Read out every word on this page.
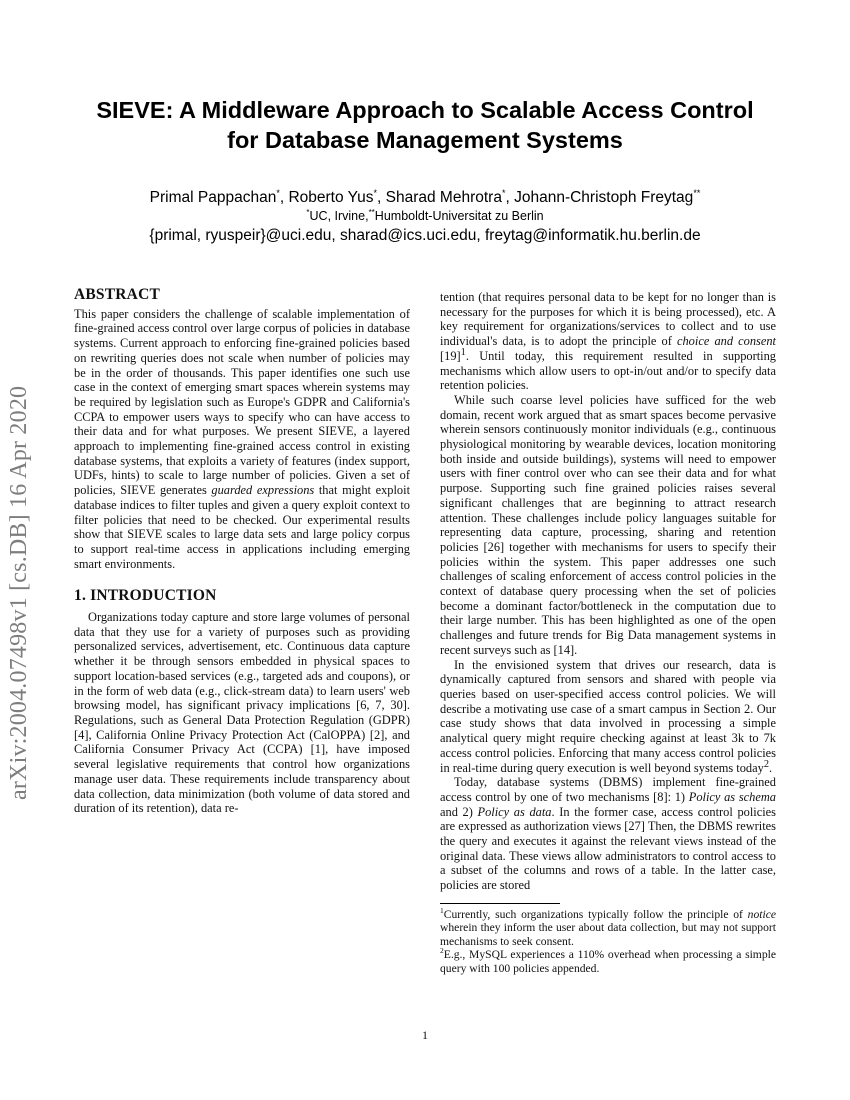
arXiv:2004.07498v1 [cs.DB] 16 Apr 2020
SIEVE: A Middleware Approach to Scalable Access Control
for Database Management Systems
Primal Pappachan*, Roberto Yus*, Sharad Mehrotra*, Johann-Christoph Freytag**
*UC, Irvine,**Humboldt-Universitat zu Berlin
{primal, ryuspeir}@uci.edu, sharad@ics.uci.edu, freytag@informatik.hu.berlin.de
ABSTRACT

This paper considers the challenge of scalable implementation of fine-grained access control over large corpus of policies in database systems. Current approach to enforcing fine-grained policies based on rewriting queries does not scale when number of policies may be in the order of thousands. This paper identifies one such use case in the context of emerging smart spaces wherein systems may be required by legislation such as Europe's GDPR and California's CCPA to empower users ways to specify who can have access to their data and for what purposes. We present SIEVE, a layered approach to implementing fine-grained access control in existing database systems, that exploits a variety of features (index support, UDFs, hints) to scale to large number of policies. Given a set of policies, SIEVE generates guarded expressions that might exploit database indices to filter tuples and given a query exploit context to filter policies that need to be checked. Our experimental results show that SIEVE scales to large data sets and large policy corpus to support real-time access in applications including emerging smart environments.

1. INTRODUCTION

Organizations today capture and store large volumes of personal data that they use for a variety of purposes such as providing personalized services, advertisement, etc. Continuous data capture whether it be through sensors embedded in physical spaces to support location-based services (e.g., targeted ads and coupons), or in the form of web data (e.g., click-stream data) to learn users' web browsing model, has significant privacy implications [6, 7, 30]. Regulations, such as General Data Protection Regulation (GDPR) [4], California Online Privacy Protection Act (CalOPPA) [2], and California Consumer Privacy Act (CCPA) [1], have imposed several legislative requirements that control how organizations manage user data. These requirements include transparency about data collection, data minimization (both volume of data stored and duration of its retention), data re-

tention (that requires personal data to be kept for no longer than is necessary for the purposes for which it is being processed), etc. A key requirement for organizations/services to collect and to use individual's data, is to adopt the principle of choice and consent $[19]^1$. Until today, this requirement resulted in supporting mechanisms which allow users to opt-in/out and/or to specify data retention policies.

While such coarse level policies have sufficed for the web domain, recent work argued that as smart spaces become pervasive wherein sensors continuously monitor individuals (e.g., continuous physiological monitoring by wearable devices, location monitoring both inside and outside buildings), systems will need to empower users with finer control over who can see their data and for what purpose. Supporting such fine grained policies raises several significant challenges that are beginning to attract research attention. These challenges include policy languages suitable for representing data capture, processing, sharing and retention policies [26] together with mechanisms for users to specify their policies within the system. This paper addresses one such challenges of scaling enforcement of access control policies in the context of database query processing when the set of policies become a dominant factor/bottleneck in the computation due to their large number. This has been highlighted as one of the open challenges and future trends for Big Data management systems in recent surveys such as [14].

In the envisioned system that drives our research, data is dynamically captured from sensors and shared with people via queries based on user-specified access control policies. We will describe a motivating use case of a smart campus in Section 2. Our case study shows that data involved in processing a simple analytical query might require checking against at least 3k to 7k access control policies. Enforcing that many access control policies in real-time during query execution is well beyond systems today$^2$.

Today, database systems (DBMS) implement fine-grained access control by one of two mechanisms [8]: 1) Policy as schema and 2) Policy as data. In the former case, access control policies are expressed as authorization views [27] Then, the DBMS rewrites the query and executes it against the relevant views instead of the original data. These views allow administrators to control access to a subset of the columns and rows of a table. In the latter case, policies are stored

$^1$Currently, such organizations typically follow the principle of notice wherein they inform the user about data collection, but may not support mechanisms to seek consent.
$^2$E.g., MySQL experiences a 110% overhead when processing a simple query with 100 policies appended.
1
